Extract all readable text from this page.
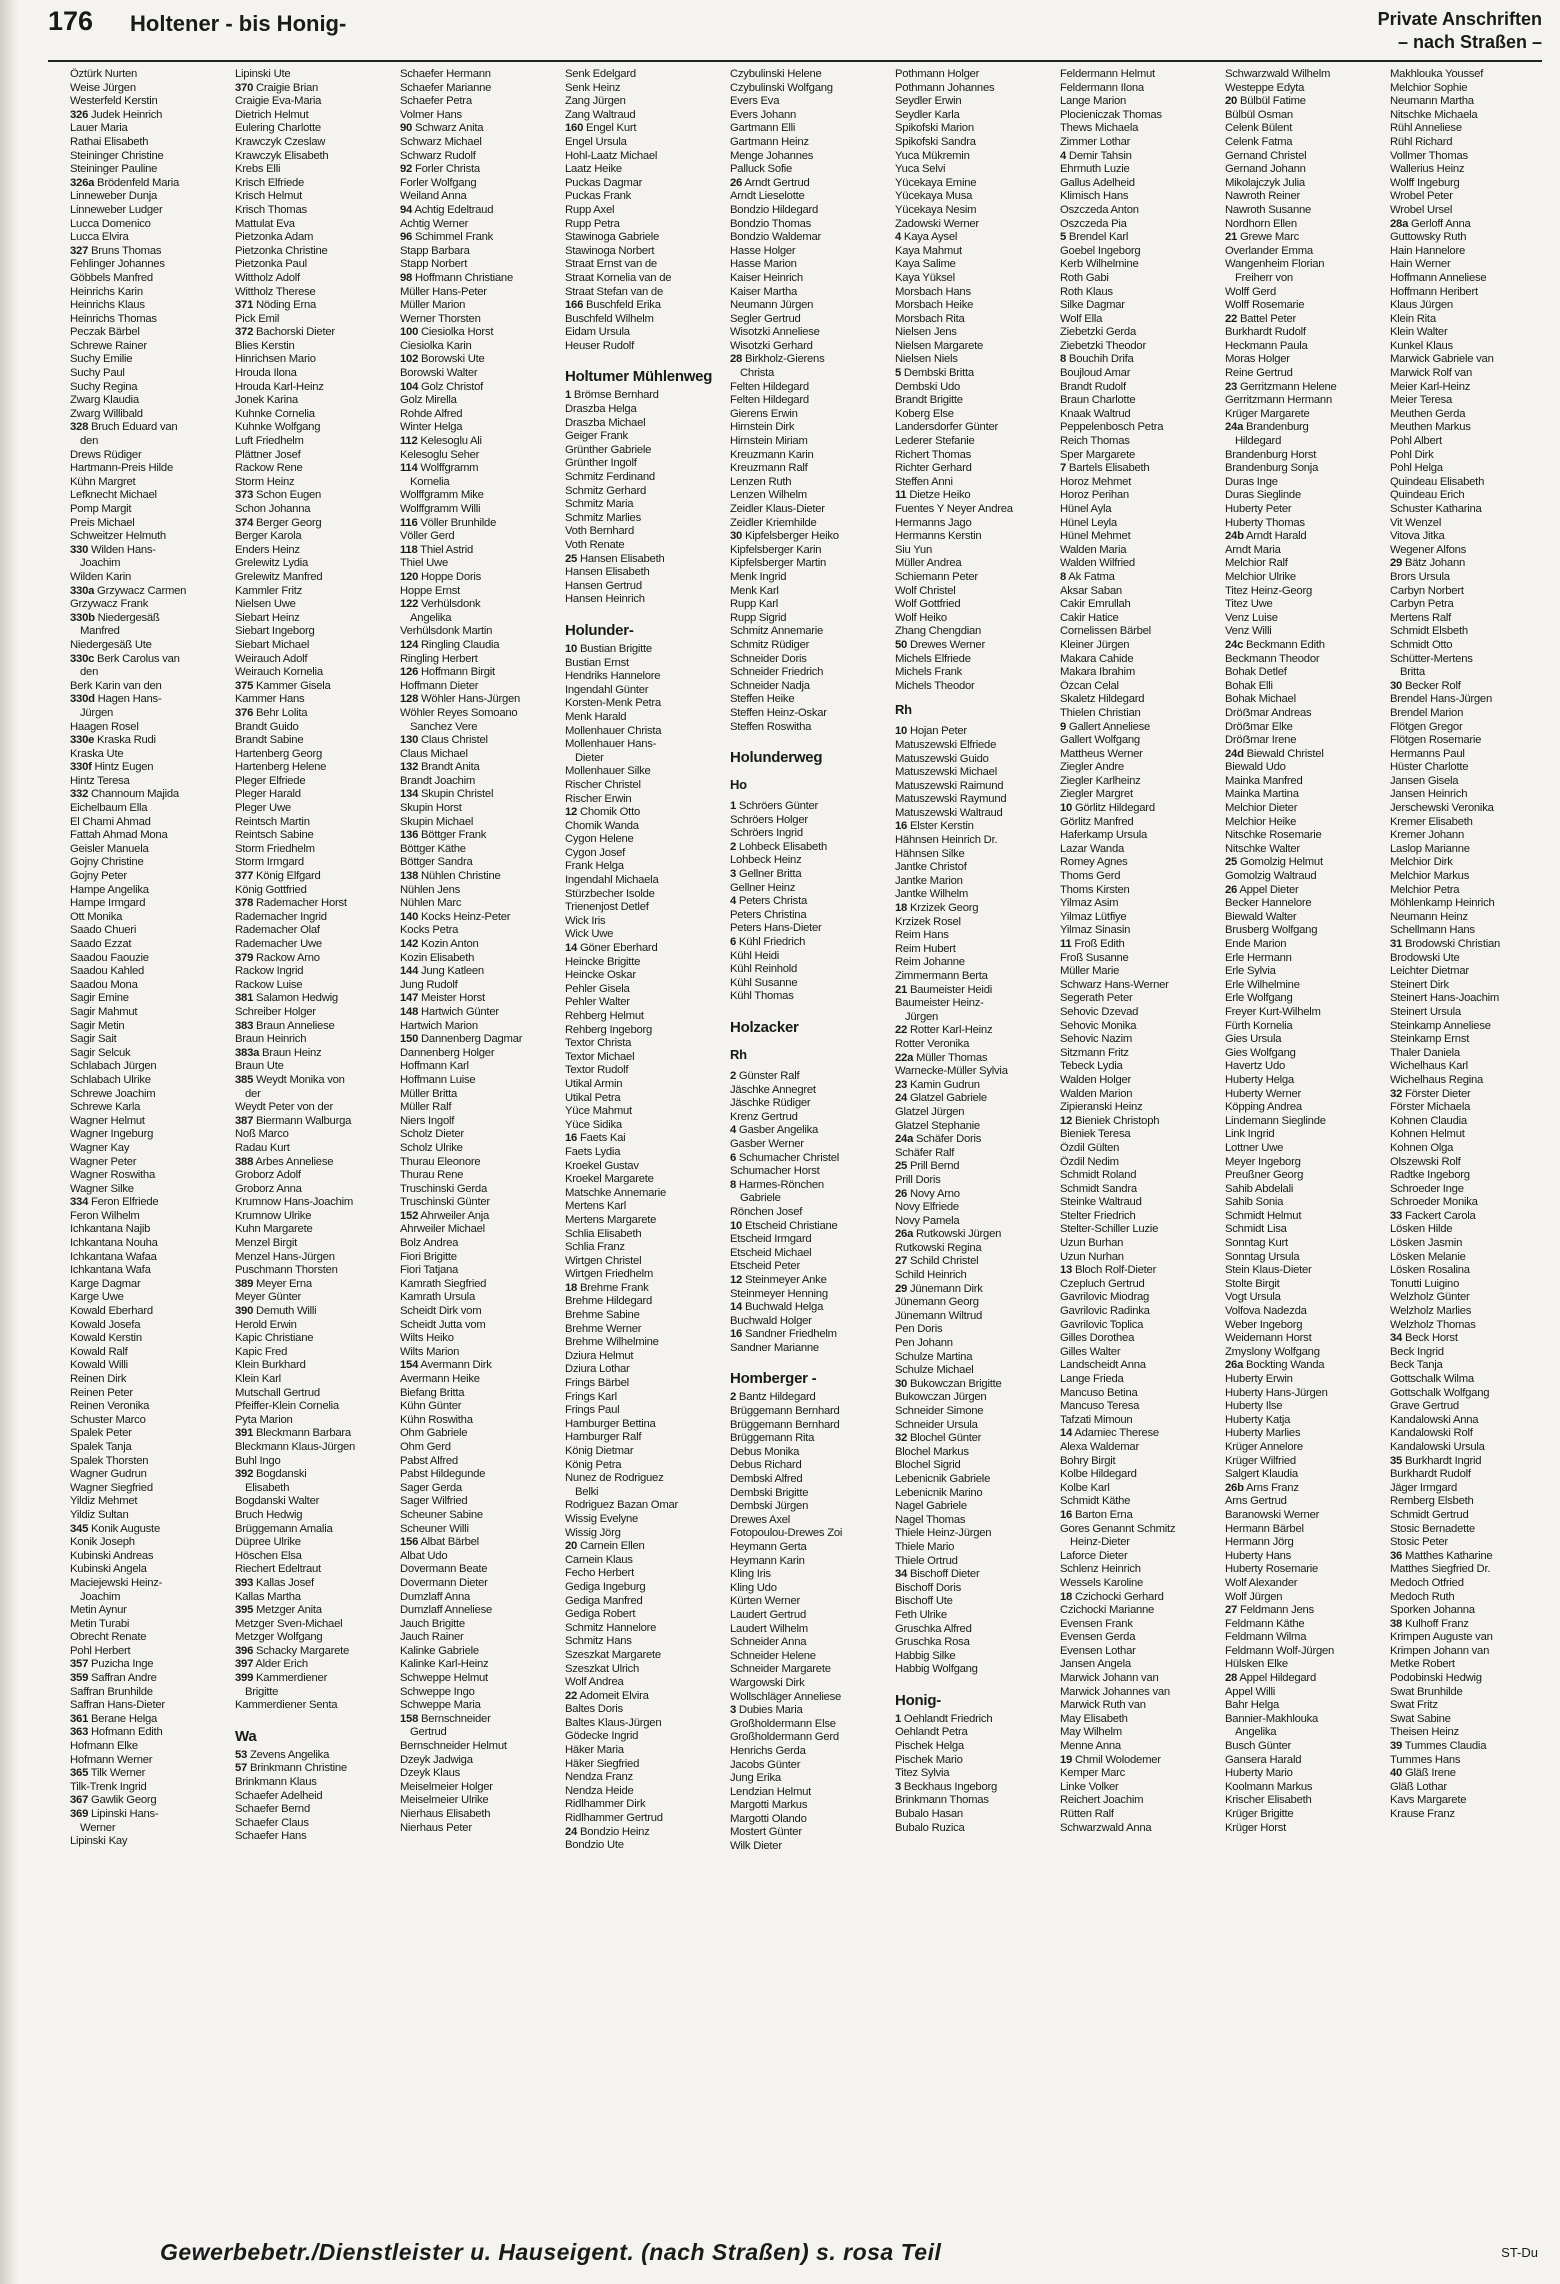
176 Holtener - bis Honig-	Private Anschriften
– nach Straßen –
Öztürk Nurten
Weise Jürgen
Westerfeld Kerstin
326 Judek Heinrich
Lauer Maria
Rathai Elisabeth
Steininger Christine
Steininger Pauline
326a Brödenfeld Maria
Linneweber Dunja
Linneweber Ludger
Lucca Domenico
Lucca Elvira
327 Bruns Thomas
Fehlinger Johannes
Göbbels Manfred
Heinrichs Karin
Heinrichs Klaus
Heinrichs Thomas
Peczak Bärbel
Schrewe Rainer
Suchy Emilie
Suchy Paul
Suchy Regina
Zwarg Klaudia
Zwarg Willibald
328 Bruch Eduard van
den
Drews Rüdiger
Hartmann-Preis Hilde
Kühn Margret
Lefknecht Michael
Pomp Margit
Preis Michael
Schweitzer Helmuth
330 Wilden Hans-
Joachim
Wilden Karin
330a Grzywacz Carmen
Grzywacz Frank
330b Niedergesäß
Manfred
Niedergesäß Ute
330c Berk Carolus van
den
Berk Karin van den
330d Hagen Hans-
Jürgen
Haagen Rosel
330e Kraska Rudi
Kraska Ute
330f Hintz Eugen
Hintz Teresa
332 Channoum Majida
Eichelbaum Ella
El Chami Ahmad
Fattah Ahmad Mona
Geisler Manuela
Gojny Christine
Gojny Peter
Hampe Angelika
Hampe Irmgard
Ott Monika
Saado Chueri
Saado Ezzat
Saadou Faouzie
Saadou Kahled
Saadou Mona
Sagir Emine
Sagir Mahmut
Sagir Metin
Sagir Sait
Sagir Selcuk
Schlabach Jürgen
Schlabach Ulrike
Schrewe Joachim
Schrewe Karla
Wagner Helmut
Wagner Ingeburg
Wagner Kay
Wagner Peter
Wagner Roswitha
Wagner Silke
334 Feron Elfriede
Feron Wilhelm
Ichkantana Najib
Ichkantana Nouha
Ichkantana Wafaa
Ichkantana Wafa
Karge Dagmar
Karge Uwe
Kowald Eberhard
Kowald Josefa
Kowald Kerstin
Kowald Ralf
Kowald Willi
Reinen Dirk
Reinen Peter
Reinen Veronika
Schuster Marco
Spalek Peter
Spalek Tanja
Spalek Thorsten
Wagner Gudrun
Wagner Siegfried
Yildiz Mehmet
Yildiz Sultan
345 Konik Auguste
Konik Joseph
Kubinski Andreas
Kubinski Angela
Maciejewski Heinz-
Joachim
Metin Aynur
Metin Turabi
Obrecht Renate
Pohl Herbert
357 Puzicha Inge
359 Saffran Andre
Saffran Brunhilde
Saffran Hans-Dieter
361 Berane Helga
363 Hofmann Edith
Hofmann Elke
Hofmann Werner
365 Tilk Werner
Tilk-Trenk Ingrid
367 Gawlik Georg
369 Lipinski Hans-
Werner
Lipinski Kay
Lipinski Ute
370 Craigie Brian
Craigie Eva-Maria
Dietrich Helmut
Eulering Charlotte
Krawczyk Czeslaw
Krawczyk Elisabeth
Krebs Elli
Krisch Elfriede
Krisch Helmut
Krisch Thomas
Mattulat Eva
Pietzonka Adam
Pietzonka Christine
Pietzonka Paul
Wittholz Adolf
Wittholz Therese
371 Nöding Erna
Pick Emil
372 Bachorski Dieter
Blies Kerstin
Hinrichsen Mario
Hrouda Ilona
Hrouda Karl-Heinz
Jonek Karina
Kuhnke Cornelia
Kuhnke Wolfgang
Luft Friedhelm
Plättner Josef
Rackow Rene
Storm Heinz
373 Schon Eugen
Schon Johanna
374 Berger Georg
Berger Karola
Enders Heinz
Grelewitz Lydia
Grelewitz Manfred
Kammler Fritz
Nielsen Uwe
Siebart Heinz
Siebart Ingeborg
Siebart Michael
Weirauch Adolf
Weirauch Kornelia
375 Kammer Gisela
Kammer Hans
376 Behr Lolita
Brandt Guido
Brandt Sabine
Hartenberg Georg
Hartenberg Helene
Pleger Elfriede
Pleger Harald
Pleger Uwe
Reintsch Martin
Reintsch Sabine
Storm Friedhelm
Storm Irmgard
377 König Elfgard
König Gottfried
378 Rademacher Horst
Rademacher Ingrid
Rademacher Olaf
Rademacher Uwe
379 Rackow Arno
Rackow Ingrid
Rackow Luise
381 Salamon Hedwig
Schreiber Holger
383 Braun Anneliese
Braun Heinrich
383a Braun Heinz
Braun Ute
385 Weydt Monika von
der
Weydt Peter von der
387 Biermann Walburga
Noß Marco
Radau Kurt
388 Arbes Anneliese
Groborz Adolf
Groborz Anna
Krumnow Hans-Joachim
Krumnow Ulrike
Kuhn Margarete
Menzel Birgit
Menzel Hans-Jürgen
Puschmann Thorsten
389 Meyer Erna
Meyer Günter
390 Demuth Willi
Herold Erwin
Kapic Christiane
Kapic Fred
Klein Burkhard
Klein Karl
Mutschall Gertrud
Pfeiffer-Klein Cornelia
Pyta Marion
391 Bleckmann Barbara
Bleckmann Klaus-Jürgen
Buhl Ingo
392 Bogdanski
Elisabeth
Bogdanski Walter
Bruch Hedwig
Brüggemann Amalia
Düpree Ulrike
Höschen Elsa
Riechert Edeltraut
393 Kallas Josef
Kallas Martha
395 Metzger Anita
Metzger Sven-Michael
Metzger Wolfgang
396 Schacky Margarete
397 Alder Erich
399 Kammerdiener
Brigitte
Kammerdiener Senta
Wa
53 Zevens Angelika
57 Brinkmann Christine
Brinkmann Klaus
Schaefer Adelheid
Schaefer Bernd
Schaefer Claus
Schaefer Hans
Schaefer Hermann
Schaefer Marianne
Schaefer Petra
Volmer Hans
90 Schwarz Anita
Schwarz Michael
Schwarz Rudolf
92 Forler Christa
Forler Wolfgang
Weiland Anna
94 Achtig Edeltraud
Achtig Werner
96 Schimmel Frank
Stapp Barbara
Stapp Norbert
98 Hoffmann Christiane
Müller Hans-Peter
Müller Marion
Werner Thorsten
100 Ciesiolka Horst
Ciesiolka Karin
102 Borowski Ute
Borowski Walter
104 Golz Christof
Golz Mirella
Rohde Alfred
Winter Helga
112 Kelesoglu Ali
Kelesoglu Seher
114 Wolffgramm
Kornelia
Wolffgramm Mike
Wolffgramm Willi
116 Völler Brunhilde
Völler Gerd
118 Thiel Astrid
Thiel Uwe
120 Hoppe Doris
Hoppe Ernst
122 Verhülsdonk
Angelika
Verhülsdonk Martin
124 Ringling Claudia
Ringling Herbert
126 Hoffmann Birgit
Hoffmann Dieter
128 Wöhler Hans-Jürgen
Wöhler Reyes Somoano
Sanchez Vere
130 Claus Christel
Claus Michael
132 Brandt Anita
Brandt Joachim
134 Skupin Christel
Skupin Horst
Skupin Michael
136 Böttger Frank
Böttger Käthe
Böttger Sandra
138 Nühlen Christine
Nühlen Jens
Nühlen Marc
140 Kocks Heinz-Peter
Kocks Petra
142 Kozin Anton
Kozin Elisabeth
144 Jung Katleen
Jung Rudolf
147 Meister Horst
148 Hartwich Günter
Hartwich Marion
150 Dannenberg Dagmar
Dannenberg Holger
Hoffmann Karl
Hoffmann Luise
Müller Britta
Müller Ralf
Niers Ingolf
Scholz Dieter
Scholz Ulrike
Thurau Eleonore
Thurau Rene
Truschinski Gerda
Truschinski Günter
152 Ahrweiler Anja
Ahrweiler Michael
Bolz Andrea
Fiori Brigitte
Fiori Tatjana
Kamrath Siegfried
Kamrath Ursula
Scheidt Dirk vom
Scheidt Jutta vom
Wilts Heiko
Wilts Marion
154 Avermann Dirk
Avermann Heike
Biefang Britta
Kühn Günter
Kühn Roswitha
Ohm Gabriele
Ohm Gerd
Pabst Alfred
Pabst Hildegunde
Sager Gerda
Sager Wilfried
Scheuner Sabine
Scheuner Willi
156 Albat Bärbel
Albat Udo
Dovermann Beate
Dovermann Dieter
Dumzlaff Anna
Dumzlaff Anneliese
Jauch Brigitte
Jauch Rainer
Kalinke Gabriele
Kalinke Karl-Heinz
Schweppe Helmut
Schweppe Ingo
Schweppe Maria
158 Bernschneider
Gertrud
Bernschneider Helmut
Dzeyk Jadwiga
Dzeyk Klaus
Meiselmeier Holger
Meiselmeier Ulrike
Nierhaus Elisabeth
Nierhaus Peter
Senk Edelgard
Senk Heinz
Zang Jürgen
Zang Waltraud
160 Engel Kurt
Engel Ursula
Hohl-Laatz Michael
Laatz Heike
Puckas Dagmar
Puckas Frank
Rupp Axel
Rupp Petra
Stawinoga Gabriele
Stawinoga Norbert
Straat Ernst van de
Straat Kornelia van de
Straat Stefan van de
166 Buschfeld Erika
Buschfeld Wilhelm
Eidam Ursula
Heuser Rudolf
Holtumer Mühlenweg
1 Brömse Bernhard
Draszba Helga
Draszba Michael
Geiger Frank
Grünther Gabriele
Grünther Ingolf
Schmitz Ferdinand
Schmitz Gerhard
Schmitz Maria
Schmitz Marlies
Voth Bernhard
Voth Renate
25 Hansen Elisabeth
Hansen Elisabeth
Hansen Gertrud
Hansen Heinrich
Holunder-
10 Bustian Brigitte
Bustian Ernst
Hendriks Hannelore
Ingendahl Günter
Korsten-Menk Petra
Menk Harald
Mollenhauer Christa
Mollenhauer Hans-
Dieter
Mollenhauer Silke
Rischer Christel
Rischer Erwin
12 Chomik Otto
Chomik Wanda
Cygon Helene
Cygon Josef
Frank Helga
Ingendahl Michaela
Stürzbecher Isolde
Trienenjost Detlef
Wick Iris
Wick Uwe
14 Göner Eberhard
Heincke Brigitte
Heincke Oskar
Pehler Gisela
Pehler Walter
Rehberg Helmut
Rehberg Ingeborg
Textor Christa
Textor Michael
Textor Rudolf
Utikal Armin
Utikal Petra
Yüce Mahmut
Yüce Sidika
16 Faets Kai
Faets Lydia
Kroekel Gustav
Kroekel Margarete
Matschke Annemarie
Mertens Karl
Mertens Margarete
Schlia Elisabeth
Schlia Franz
Wirtgen Christel
Wirtgen Friedhelm
18 Brehme Frank
Brehme Hildegard
Brehme Sabine
Brehme Werner
Brehme Wilhelmine
Dziura Helmut
Dziura Lothar
Frings Bärbel
Frings Karl
Frings Paul
Hamburger Bettina
Hamburger Ralf
König Dietmar
König Petra
Nunez de Rodriguez
Belki
Rodriguez Bazan Omar
Wissig Evelyne
Wissig Jörg
20 Carnein Ellen
Carnein Klaus
Fecho Herbert
Gediga Ingeburg
Gediga Manfred
Gediga Robert
Schmitz Hannelore
Schmitz Hans
Szeszkat Margarete
Szeszkat Ulrich
Wolf Andrea
22 Adomeit Elvira
Baltes Doris
Baltes Klaus-Jürgen
Gödecke Ingrid
Häker Maria
Häker Siegfried
Nendza Franz
Nendza Heide
Ridlhammer Dirk
Ridlhammer Gertrud
24 Bondzio Heinz
Bondzio Ute
Czybulinski Helene
Czybulinski Wolfgang
Evers Eva
Evers Johann
Gartmann Elli
Gartmann Heinz
Menge Johannes
Palluck Sofie
26 Arndt Gertrud
Arndt Lieselotte
Bondzio Hildegard
Bondzio Thomas
Bondzio Waldemar
Hasse Holger
Hasse Marion
Kaiser Heinrich
Kaiser Martha
Neumann Jürgen
Segler Gertrud
Wisotzki Anneliese
Wisotzki Gerhard
28 Birkholz-Gierens
Christa
Felten Hildegard
Felten Hildegard
Gierens Erwin
Hirnstein Dirk
Hirnstein Miriam
Kreuzmann Karin
Kreuzmann Ralf
Lenzen Ruth
Lenzen Wilhelm
Zeidler Klaus-Dieter
Zeidler Kriemhilde
30 Kipfelsberger Heiko
Kipfelsberger Karin
Kipfelsberger Martin
Menk Ingrid
Menk Karl
Rupp Karl
Rupp Sigrid
Schmitz Annemarie
Schmitz Rüdiger
Schneider Doris
Schneider Friedrich
Schneider Nadja
Steffen Heike
Steffen Heinz-Oskar
Steffen Roswitha
Holunderweg
Ho
1 Schröers Günter
Schröers Holger
Schröers Ingrid
2 Lohbeck Elisabeth
Lohbeck Heinz
3 Gellner Britta
Gellner Heinz
4 Peters Christa
Peters Christina
Peters Hans-Dieter
6 Kühl Friedrich
Kühl Heidi
Kühl Reinhold
Kühl Susanne
Kühl Thomas
Holzacker
Rh
2 Günster Ralf
Jäschke Annegret
Jäschke Rüdiger
Krenz Gertrud
4 Gasber Angelika
Gasber Werner
6 Schumacher Christel
Schumacher Horst
8 Harmes-Rönchen
Gabriele
Rönchen Josef
10 Etscheid Christiane
Etscheid Irmgard
Etscheid Michael
Etscheid Peter
12 Steinmeyer Anke
Steinmeyer Henning
14 Buchwald Helga
Buchwald Holger
16 Sandner Friedhelm
Sandner Marianne
Homberger -
2 Bantz Hildegard
Brüggemann Bernhard
Brüggemann Bernhard
Brüggemann Rita
Debus Monika
Debus Richard
Dembski Alfred
Dembski Brigitte
Dembski Jürgen
Drewes Axel
Fotopoulou-Drewes Zoi
Heymann Gerta
Heymann Karin
Kling Iris
Kling Udo
Kürten Werner
Laudert Gertrud
Laudert Wilhelm
Schneider Anna
Schneider Helene
Schneider Margarete
Wargowski Dirk
Wollschläger Anneliese
3 Dubies Maria
Großholdermann Else
Großholdermann Gerd
Henrichs Gerda
Jacobs Günter
Jung Erika
Lendzian Helmut
Margotti Markus
Margotti Olando
Mostert Günter
Wilk Dieter
Pothmann Holger
Pothmann Johannes
Seydler Erwin
Seydler Karla
Spikofski Marion
Spikofski Sandra
Yuca Mükremin
Yuca Selvi
Yücekaya Emine
Yücekaya Musa
Yücekaya Nesim
Zadowski Werner
4 Kaya Aysel
Kaya Mahmut
Kaya Salime
Kaya Yüksel
Morsbach Hans
Morsbach Heike
Morsbach Rita
Nielsen Jens
Nielsen Margarete
Nielsen Niels
5 Dembski Britta
Dembski Udo
Brandt Brigitte
Koberg Else
Landersdorfer Günter
Lederer Stefanie
Richert Thomas
Richter Gerhard
Steffen Anni
11 Dietze Heiko
Fuentes Y Neyer Andrea
Hermanns Jago
Hermanns Kerstin
Siu Yun
Müller Andrea
Schiemann Peter
Wolf Christel
Wolf Gottfried
Wolf Heiko
Zhang Chengdian
50 Drewes Werner
Michels Elfriede
Michels Frank
Michels Theodor
Rh
10 Hojan Peter
Matuszewski Elfriede
Matuszewski Guido
Matuszewski Michael
Matuszewski Raimund
Matuszewski Raymund
Matuszewski Waltraud
16 Elster Kerstin
Hähnsen Heinrich Dr.
Hähnsen Silke
Jantke Christof
Jantke Marion
Jantke Wilhelm
18 Krzizek Georg
Krzizek Rosel
Reim Hans
Reim Hubert
Reim Johanne
Zimmermann Berta
21 Baumeister Heidi
Baumeister Heinz-
Jürgen
22 Rotter Karl-Heinz
Rotter Veronika
22a Müller Thomas
Warnecke-Müller Sylvia
23 Kamin Gudrun
24 Glatzel Gabriele
Glatzel Jürgen
Glatzel Stephanie
24a Schäfer Doris
Schäfer Ralf
25 Prill Bernd
Prill Doris
26 Novy Arno
Novy Elfriede
Novy Pamela
26a Rutkowski Jürgen
Rutkowski Regina
27 Schild Christel
Schild Heinrich
29 Jünemann Dirk
Jünemann Georg
Jünemann Wiltrud
Pen Doris
Pen Johann
Schulze Martina
Schulze Michael
30 Bukowczan Brigitte
Bukowczan Jürgen
Schneider Simone
Schneider Ursula
32 Blochel Günter
Blochel Markus
Blochel Sigrid
Lebenicnik Gabriele
Lebenicnik Marino
Nagel Gabriele
Nagel Thomas
Thiele Heinz-Jürgen
Thiele Mario
Thiele Ortrud
34 Bischoff Dieter
Bischoff Doris
Bischoff Ute
Feth Ulrike
Gruschka Alfred
Gruschka Rosa
Habbig Silke
Habbig Wolfgang
Honig-
1 Oehlandt Friedrich
Oehlandt Petra
Pischek Helga
Pischek Mario
Titez Sylvia
3 Beckhaus Ingeborg
Brinkmann Thomas
Bubalo Hasan
Bubalo Ruzica
Feldermann Helmut
Feldermann Ilona
Lange Marion
Plocieniczak Thomas
Thews Michaela
Zimmer Lothar
4 Demir Tahsin
Ehrmuth Luzie
Gallus Adelheid
Klimisch Hans
Oszczeda Anton
Oszczeda Pia
5 Brendel Karl
Goebel Ingeborg
Kerb Wilhelmine
Roth Gabi
Roth Klaus
Silke Dagmar
Wolf Ella
Ziebetzki Gerda
Ziebetzki Theodor
8 Bouchih Drifa
Boujloud Amar
Brandt Rudolf
Braun Charlotte
Knaak Waltrud
Peppelenbosch Petra
Reich Thomas
Sper Margarete
7 Bartels Elisabeth
Horoz Mehmet
Horoz Perihan
Hünel Ayla
Hünel Leyla
Hünel Mehmet
Walden Maria
Walden Wilfried
8 Ak Fatma
Aksar Saban
Cakir Emrullah
Cakir Hatice
Cornelissen Bärbel
Kleiner Jürgen
Makara Cahide
Makara Ibrahim
Özcan Celal
Skaletz Hildegard
Thielen Christian
9 Gallert Anneliese
Gallert Wolfgang
Mattheus Werner
Ziegler Andre
Ziegler Karlheinz
Ziegler Margret
10 Görlitz Hildegard
Görlitz Manfred
Haferkamp Ursula
Lazar Wanda
Romey Agnes
Thoms Gerd
Thoms Kirsten
Yilmaz Asim
Yilmaz Lütfiye
Yilmaz Sinasin
11 Froß Edith
Froß Susanne
Müller Marie
Schwarz Hans-Werner
Segerath Peter
Sehovic Dzevad
Sehovic Monika
Sehovic Nazim
Sitzmann Fritz
Tebeck Lydia
Walden Holger
Walden Marion
Zipieranski Heinz
12 Bieniek Christoph
Bieniek Teresa
Özdil Gülten
Özdil Nedim
Schmidt Roland
Schmidt Sandra
Steinke Waltraud
Stelter Friedrich
Stelter-Schiller Luzie
Uzun Burhan
Uzun Nurhan
13 Bloch Rolf-Dieter
Czepluch Gertrud
Gavrilovic Miodrag
Gavrilovic Radinka
Gavrilovic Toplica
Gilles Dorothea
Gilles Walter
Landscheidt Anna
Lange Frieda
Mancuso Betina
Mancuso Teresa
Tafzati Mimoun
14 Adamiec Therese
Alexa Waldemar
Bohry Birgit
Kolbe Hildegard
Kolbe Karl
Schmidt Käthe
16 Barton Erna
Gores Genannt Schmitz
Heinz-Dieter
Laforce Dieter
Schlenz Heinrich
Wessels Karoline
18 Czichocki Gerhard
Czichocki Marianne
Evensen Frank
Evensen Gerda
Evensen Lothar
Jansen Angela
Marwick Johann van
Marwick Johannes van
Marwick Ruth van
May Elisabeth
May Wilhelm
Menne Anna
19 Chmil Wolodemer
Kemper Marc
Linke Volker
Reichert Joachim
Rütten Ralf
Schwarzwald Anna
Schwarzwald Wilhelm
Westeppe Edyta
20 Bülbül Fatime
Bülbül Osman
Celenk Bülent
Celenk Fatma
Gernand Christel
Gernand Johann
Mikolajczyk Julia
Nawroth Reiner
Nawroth Susanne
Nordhorn Ellen
21 Grewe Marc
Overlander Emma
Wangenheim Florian
Freiherr von
Wolff Gerd
Wolff Rosemarie
22 Battel Peter
Burkhardt Rudolf
Heckmann Paula
Moras Holger
Reine Gertrud
23 Gerritzmann Helene
Gerritzmann Hermann
Krüger Margarete
24a Brandenburg
Hildegard
Brandenburg Horst
Brandenburg Sonja
Duras Inge
Duras Sieglinde
Huberty Peter
Huberty Thomas
24b Arndt Harald
Arndt Maria
Melchior Ralf
Melchior Ulrike
Titez Heinz-Georg
Titez Uwe
Venz Luise
Venz Willi
24c Beckmann Edith
Beckmann Theodor
Bohak Detlef
Bohak Elli
Bohak Michael
Dröẞmar Andreas
Dröẞmar Elke
Dröẞmar Irene
24d Biewald Christel
Biewald Udo
Mainka Manfred
Mainka Martina
Melchior Dieter
Melchior Heike
Nitschke Rosemarie
Nitschke Walter
25 Gomolzig Helmut
Gomolzig Waltraud
26 Appel Dieter
Becker Hannelore
Biewald Walter
Brusberg Wolfgang
Ende Marion
Erle Hermann
Erle Sylvia
Erle Wilhelmine
Erle Wolfgang
Freyer Kurt-Wilhelm
Fürth Kornelia
Gies Ursula
Gies Wolfgang
Havertz Udo
Huberty Helga
Huberty Werner
Köpping Andrea
Lindemann Sieglinde
Link Ingrid
Lottner Uwe
Meyer Ingeborg
Preußner Georg
Sahib Abdelali
Sahib Sonia
Schmidt Helmut
Schmidt Lisa
Sonntag Kurt
Sonntag Ursula
Stein Klaus-Dieter
Stolte Birgit
Vogt Ursula
Volfova Nadezda
Weber Ingeborg
Weidemann Horst
Zmyslony Wolfgang
26a Bockting Wanda
Huberty Erwin
Huberty Hans-Jürgen
Huberty Ilse
Huberty Katja
Huberty Marlies
Krüger Annelore
Krüger Wilfried
Salgert Klaudia
26b Arns Franz
Arns Gertrud
Baranowski Werner
Hermann Bärbel
Hermann Jörg
Huberty Hans
Huberty Rosemarie
Wolf Alexander
Wolf Jürgen
27 Feldmann Jens
Feldmann Käthe
Feldmann Wilma
Feldmann Wolf-Jürgen
Hülsken Elke
28 Appel Hildegard
Appel Willi
Bahr Helga
Bannier-Makhlouka
Angelika
Busch Günter
Gansera Harald
Huberty Mario
Koolmann Markus
Krischer Elisabeth
Krüger Brigitte
Krüger Horst
Makhlouka Youssef
Melchior Sophie
Neumann Martha
Nitschke Michaela
Rühl Anneliese
Rühl Richard
Vollmer Thomas
Wallerius Heinz
Wolff Ingeburg
Wrobel Peter
Wrobel Ursel
28a Gerloff Anna
Guttowsky Ruth
Hain Hannelore
Hain Werner
Hoffmann Anneliese
Hoffmann Heribert
Klaus Jürgen
Klein Rita
Klein Walter
Kunkel Klaus
Marwick Gabriele van
Marwick Rolf van
Meier Karl-Heinz
Meier Teresa
Meuthen Gerda
Meuthen Markus
Pohl Albert
Pohl Dirk
Pohl Helga
Quindeau Elisabeth
Quindeau Erich
Schuster Katharina
Vit Wenzel
Vitova Jitka
Wegener Alfons
29 Bätz Johann
Brors Ursula
Carbyn Norbert
Carbyn Petra
Mertens Ralf
Schmidt Elsbeth
Schmidt Otto
Schütter-Mertens
Britta
30 Becker Rolf
Brendel Hans-Jürgen
Brendel Marion
Flötgen Gregor
Flötgen Rosemarie
Hermanns Paul
Hüster Charlotte
Jansen Gisela
Jansen Heinrich
Jerschewski Veronika
Kremer Elisabeth
Kremer Johann
Laslop Marianne
Melchior Dirk
Melchior Markus
Melchior Petra
Möhlenkamp Heinrich
Neumann Heinz
Schellmann Hans
31 Brodowski Christian
Brodowski Ute
Leichter Dietmar
Steinert Dirk
Steinert Hans-Joachim
Steinert Ursula
Steinkamp Anneliese
Steinkamp Ernst
Thaler Daniela
Wichelhaus Karl
Wichelhaus Regina
32 Förster Dieter
Förster Michaela
Kohnen Claudia
Kohnen Helmut
Kohnen Olga
Olszewski Rolf
Radtke Ingeborg
Schroeder Inge
Schroeder Monika
33 Fackert Carola
Lösken Hilde
Lösken Jasmin
Lösken Melanie
Lösken Rosalina
Tonutti Luigino
Welzholz Günter
Welzholz Marlies
Welzholz Thomas
34 Beck Horst
Beck Ingrid
Beck Tanja
Gottschalk Wilma
Gottschalk Wolfgang
Grave Gertrud
Kandalowski Anna
Kandalowski Rolf
Kandalowski Ursula
35 Burkhardt Ingrid
Burkhardt Rudolf
Jäger Irmgard
Remberg Elsbeth
Schmidt Gertrud
Stosic Bernadette
Stosic Peter
36 Matthes Katharine
Matthes Siegfried Dr.
Medoch Otfried
Medoch Ruth
Sporken Johanna
38 Kulhoff Franz
Krimpen Auguste van
Krimpen Johann van
Metke Robert
Podobinski Hedwig
Swat Brunhilde
Swat Fritz
Swat Sabine
Theisen Heinz
39 Tummes Claudia
Tummes Hans
40 Gläß Irene
Gläß Lothar
Kavs Margarete
Krause Franz
Gewerbebetr./Dienstleister u. Hauseigent. (nach Straßen) s. rosa Teil	ST-Du
